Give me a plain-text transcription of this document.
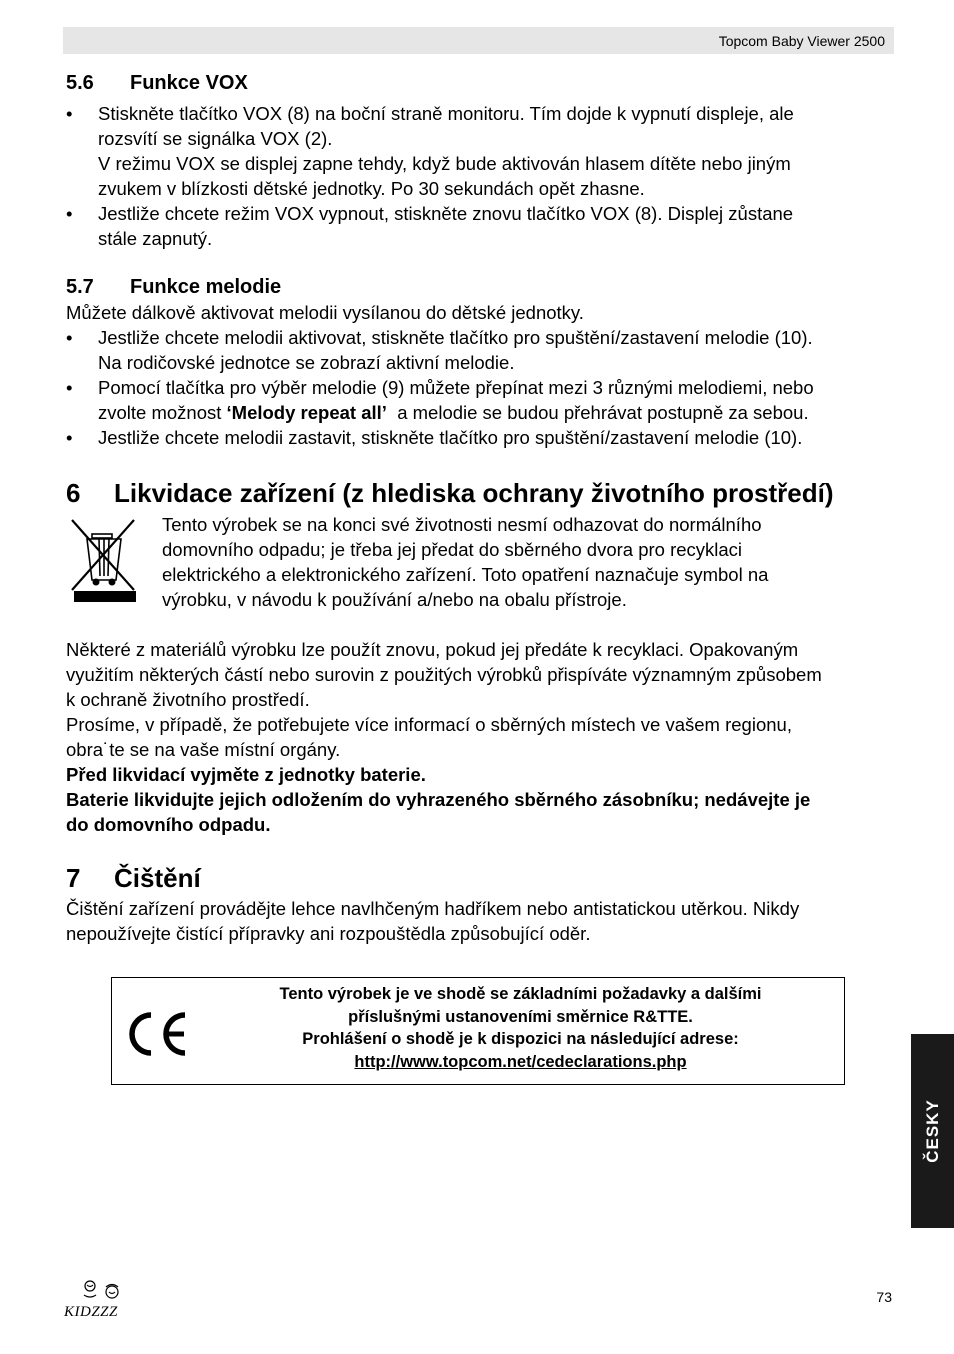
Topcom Baby Viewer 2500
5.6	Funkce VOX
•	Stiskněte tlačítko VOX (8) na boční straně monitoru. Tím dojde k vypnutí displeje, ale
rozsvítí se signálka VOX (2).
V režimu VOX se displej zapne tehdy, když bude aktivován hlasem dítěte nebo jiným
zvukem v blízkosti dětské jednotky. Po 30 sekundách opět zhasne.
•	Jestliže chcete režim VOX vypnout, stiskněte znovu tlačítko VOX (8). Displej zůstane
stále zapnutý.
5.7	Funkce melodie
Můžete dálkově aktivovat melodii vysílanou do dětské jednotky.
•	Jestliže chcete melodii aktivovat, stiskněte tlačítko pro spuštění/zastavení melodie (10).
Na rodičovské jednotce se zobrazí aktivní melodie.
•	Pomocí tlačítka pro výběr melodie (9) můžete přepínat mezi 3 různými melodiemi, nebo
zvolte možnost ‘Melody repeat all’  a melodie se budou přehrávat postupně za sebou.
•	Jestliže chcete melodii zastavit, stiskněte tlačítko pro spuštění/zastavení melodie (10).
6	Likvidace zařízení (z hlediska ochrany životního prostředí)
Tento výrobek se na konci své životnosti nesmí odhazovat do normálního
domovního odpadu; je třeba jej předat do sběrného dvora pro recyklaci
elektrického a elektronického zařízení. Toto opatření naznačuje symbol na
výrobku, v návodu k používání a/nebo na obalu přístroje.
Některé z materiálů výrobku lze použít znovu, pokud jej předáte k recyklaci. Opakovaným
využitím některých částí nebo surovin z použitých výrobků přispíváte významným způsobem
k ochraně životního prostředí.
Prosíme, v případě, že potřebujete více informací o sběrných místech ve vašem regionu,
obra˙te se na vaše místní orgány.
Před likvidací vyjměte z jednotky baterie.
Baterie likvidujte jejich odložením do vyhrazeného sběrného zásobníku; nedávejte je
do domovního odpadu.
7	Čištění
Čištění zařízení provádějte lehce navlhčeným hadříkem nebo antistatickou utěrkou. Nikdy
nepoužívejte čistící přípravky ani rozpouštědla způsobující oděr.
Tento výrobek je ve shodě se základními požadavky a dalšími
příslušnými ustanoveními směrnice R&TTE.
Prohlášení o shodě je k dispozici na následující adrese:
http://www.topcom.net/cedeclarations.php
ČESKY
KIDZZZ
73
